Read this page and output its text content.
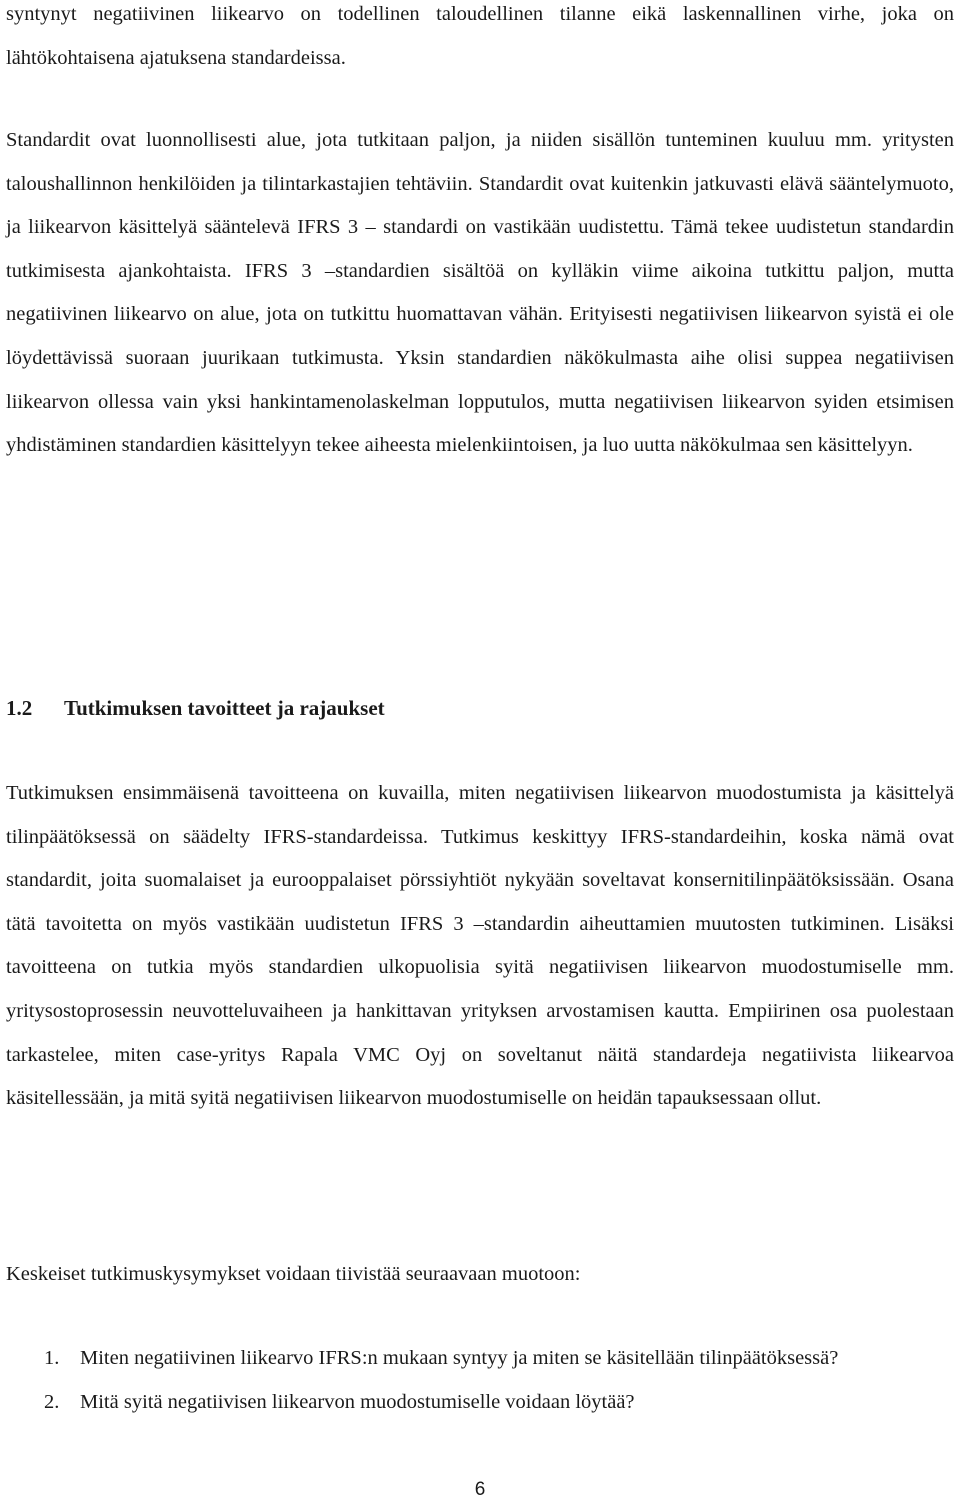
syntynyt negatiivinen liikearvo on todellinen taloudellinen tilanne eikä laskennallinen virhe, joka on lähtökohtaisena ajatuksena standardeissa.

Standardit ovat luonnollisesti alue, jota tutkitaan paljon, ja niiden sisällön tunteminen kuuluu mm. yritysten taloushallinnon henkilöiden ja tilintarkastajien tehtäviin. Standardit ovat kuitenkin jatkuvasti elävä sääntelymuoto, ja liikearvon käsittelyä sääntelevä IFRS 3 – standardi on vastikään uudistettu. Tämä tekee uudistetun standardin tutkimisesta ajankohtaista. IFRS 3 –standardien sisältöä on kylläkin viime aikoina tutkittu paljon, mutta negatiivinen liikearvo on alue, jota on tutkittu huomattavan vähän. Erityisesti negatiivisen liikearvon syistä ei ole löydettävissä suoraan juurikaan tutkimusta. Yksin standardien näkökulmasta aihe olisi suppea negatiivisen liikearvon ollessa vain yksi hankintamenolaskelman lopputulos, mutta negatiivisen liikearvon syiden etsimisen yhdistäminen standardien käsittelyyn tekee aiheesta mielenkiintoisen, ja luo uutta näkökulmaa sen käsittelyyn.

1.2 Tutkimuksen tavoitteet ja rajaukset

Tutkimuksen ensimmäisenä tavoitteena on kuvailla, miten negatiivisen liikearvon muodostumista ja käsittelyä tilinpäätöksessä on säädelty IFRS-standardeissa. Tutkimus keskittyy IFRS-standardeihin, koska nämä ovat standardit, joita suomalaiset ja eurooppalaiset pörssiyhtiöt nykyään soveltavat konsernitilinpäätöksissään. Osana tätä tavoitetta on myös vastikään uudistetun IFRS 3 –standardin aiheuttamien muutosten tutkiminen. Lisäksi tavoitteena on tutkia myös standardien ulkopuolisia syitä negatiivisen liikearvon muodostumiselle mm. yritysostoprosessin neuvotteluvaiheen ja hankittavan yrityksen arvostamisen kautta. Empiirinen osa puolestaan tarkastelee, miten case-yritys Rapala VMC Oyj on soveltanut näitä standardeja negatiivista liikearvoa käsitellessään, ja mitä syitä negatiivisen liikearvon muodostumiselle on heidän tapauksessaan ollut.

Keskeiset tutkimuskysymykset voidaan tiivistää seuraavaan muotoon:

1. Miten negatiivinen liikearvo IFRS:n mukaan syntyy ja miten se käsitellään tilinpäätöksessä?
2. Mitä syitä negatiivisen liikearvon muodostumiselle voidaan löytää?
6
